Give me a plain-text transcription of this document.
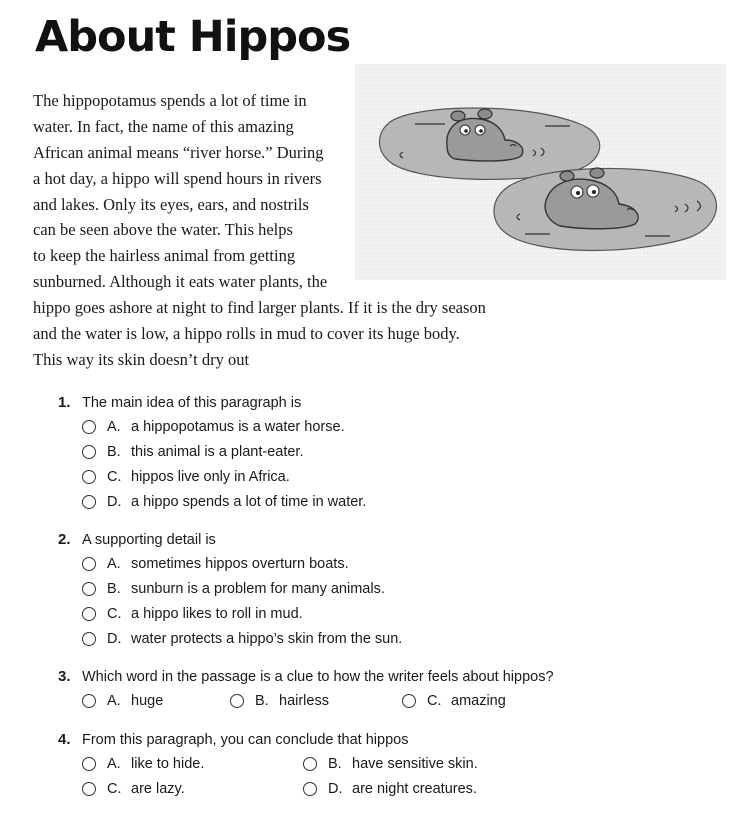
About Hippos
The hippopotamus spends a lot of time in
water. In fact, the name of this amazing
African animal means “river horse.” During
a hot day, a hippo will spend hours in rivers
and lakes. Only its eyes, ears, and nostrils
can be seen above the water. This helps
to keep the hairless animal from getting
sunburned. Although it eats water plants, the
hippo goes ashore at night to find larger plants. If it is the dry season
and the water is low, a hippo rolls in mud to cover its huge body.
This way its skin doesn’t dry out
1. The main idea of this paragraph is
A. a hippopotamus is a water horse.
B. this animal is a plant-eater.
C. hippos live only in Africa.
D. a hippo spends a lot of time in water.
2. A supporting detail is
A. sometimes hippos overturn boats.
B. sunburn is a problem for many animals.
C. a hippo likes to roll in mud.
D. water protects a hippo’s skin from the sun.
3. Which word in the passage is a clue to how the writer feels about hippos?
A. huge	B. hairless	C. amazing
4. From this paragraph, you can conclude that hippos
A. like to hide.	B. have sensitive skin.
C. are lazy.	D. are night creatures.
